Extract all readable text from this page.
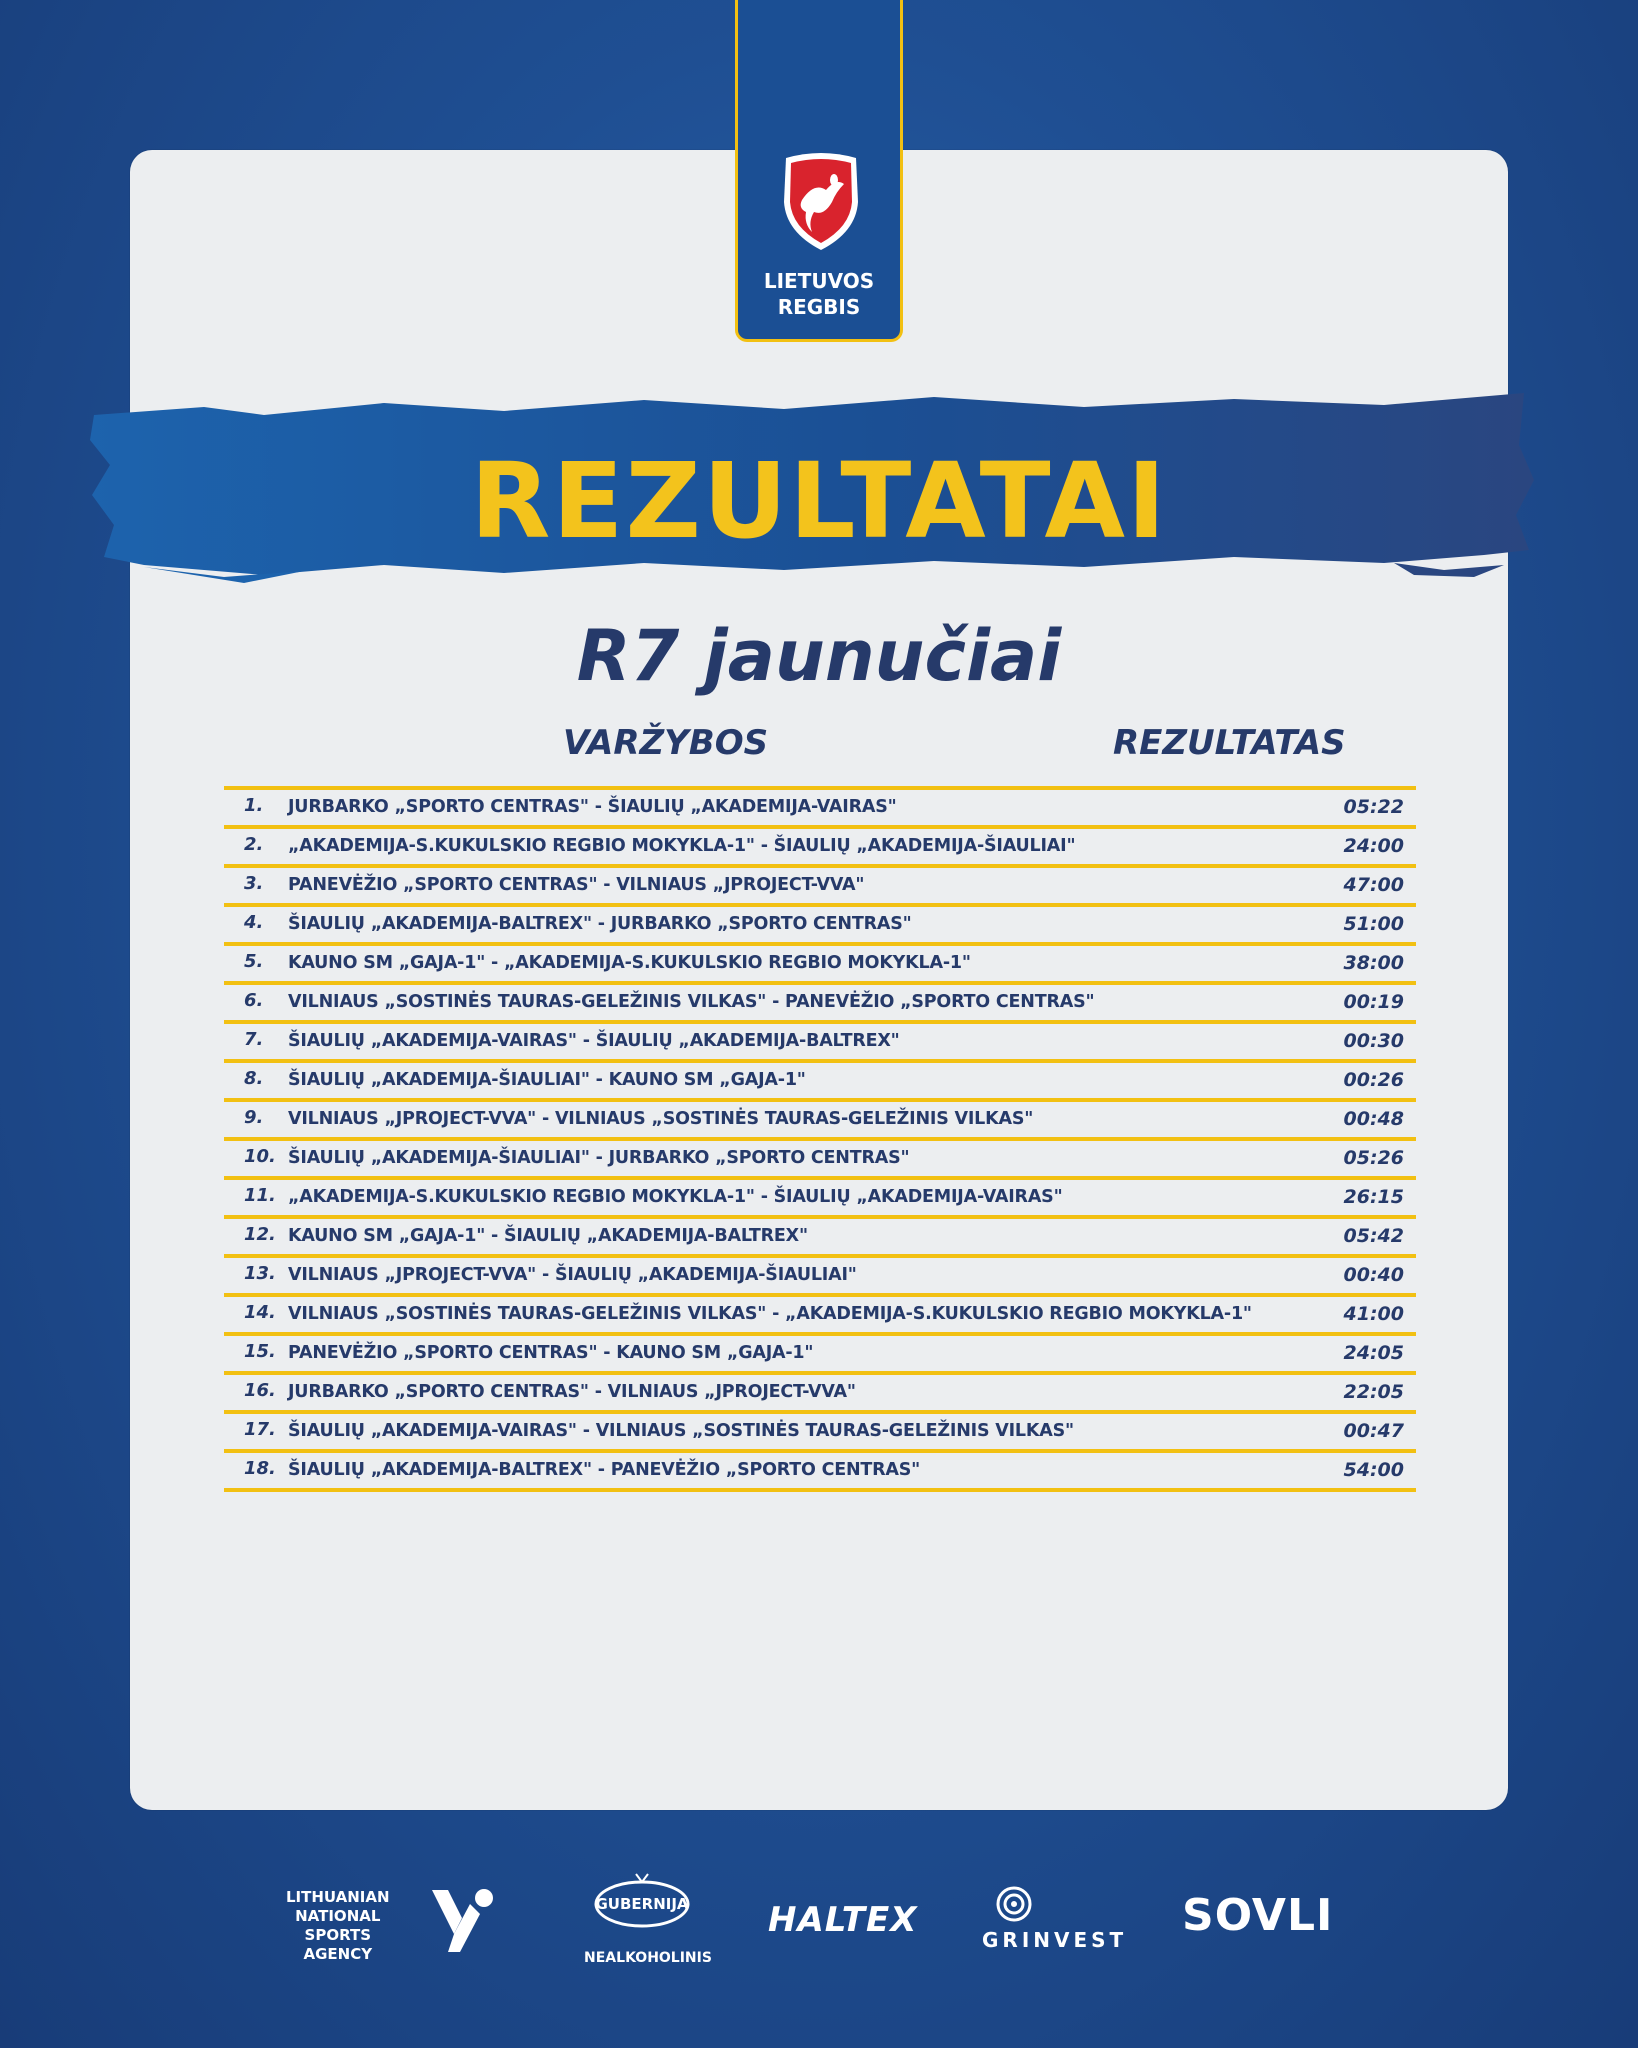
REZULTATAI
LIETUVOS
REGBIS
R7 jaunučiai
VARŽYBOS	REZULTATAS
1. JURBARKO „SPORTO CENTRAS" - ŠIAULIŲ „AKADEMIJA-VAIRAS"	05:22
2. „AKADEMIJA-S.KUKULSKIO REGBIO MOKYKLA-1" - ŠIAULIŲ „AKADEMIJA-ŠIAULIAI"	24:00
3. PANEVĖŽIO „SPORTO CENTRAS" - VILNIAUS „JPROJECT-VVA"	47:00
4. ŠIAULIŲ „AKADEMIJA-BALTREX" - JURBARKO „SPORTO CENTRAS"	51:00
5. KAUNO SM „GAJA-1" - „AKADEMIJA-S.KUKULSKIO REGBIO MOKYKLA-1"	38:00
6. VILNIAUS „SOSTINĖS TAURAS-GELEŽINIS VILKAS" - PANEVĖŽIO „SPORTO CENTRAS"	00:19
7. ŠIAULIŲ „AKADEMIJA-VAIRAS" - ŠIAULIŲ „AKADEMIJA-BALTREX"	00:30
8. ŠIAULIŲ „AKADEMIJA-ŠIAULIAI" - KAUNO SM „GAJA-1"	00:26
9. VILNIAUS „JPROJECT-VVA" - VILNIAUS „SOSTINĖS TAURAS-GELEŽINIS VILKAS"	00:48
10. ŠIAULIŲ „AKADEMIJA-ŠIAULIAI" - JURBARKO „SPORTO CENTRAS"	05:26
11. „AKADEMIJA-S.KUKULSKIO REGBIO MOKYKLA-1" - ŠIAULIŲ „AKADEMIJA-VAIRAS"	26:15
12. KAUNO SM „GAJA-1" - ŠIAULIŲ „AKADEMIJA-BALTREX"	05:42
13. VILNIAUS „JPROJECT-VVA" - ŠIAULIŲ „AKADEMIJA-ŠIAULIAI"	00:40
14. VILNIAUS „SOSTINĖS TAURAS-GELEŽINIS VILKAS" - „AKADEMIJA-S.KUKULSKIO REGBIO MOKYKLA-1"	41:00
15. PANEVĖŽIO „SPORTO CENTRAS" - KAUNO SM „GAJA-1"	24:05
16. JURBARKO „SPORTO CENTRAS" - VILNIAUS „JPROJECT-VVA"	22:05
17. ŠIAULIŲ „AKADEMIJA-VAIRAS" - VILNIAUS „SOSTINĖS TAURAS-GELEŽINIS VILKAS"	00:47
18. ŠIAULIŲ „AKADEMIJA-BALTREX" - PANEVĖŽIO „SPORTO CENTRAS"	54:00
LITHUANIAN
NATIONAL
SPORTS
AGENCY
GUBERNIJA
NEALKOHOLINIS
HALTEX	GRINVEST SOVLI
